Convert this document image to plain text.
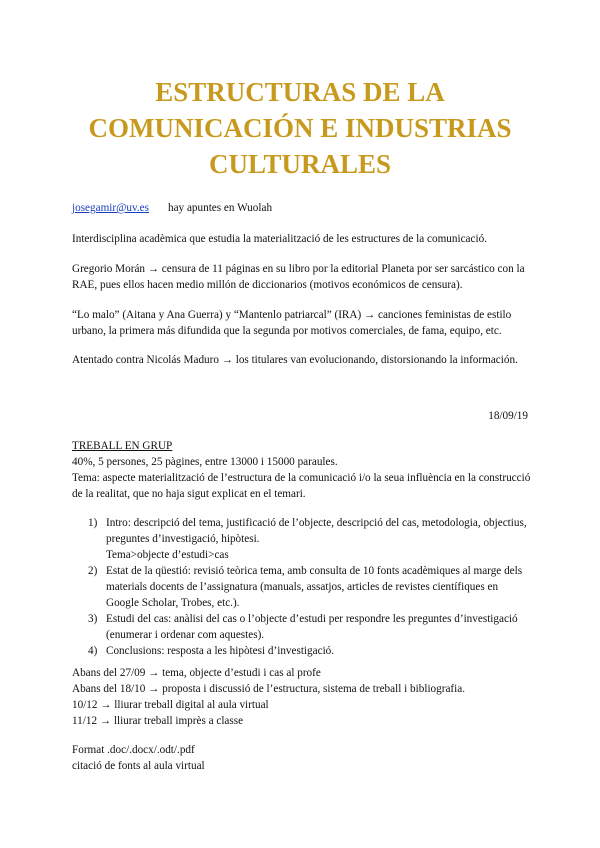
ESTRUCTURAS DE LA
COMUNICACIÓN E INDUSTRIAS
CULTURALES
josegamir@uv.es hay apuntes en Wuolah
Interdisciplina acadèmica que estudia la materialització de les estructures de la comunicació.
Gregorio Morán → censura de 11 páginas en su libro por la editorial Planeta por ser sarcástico con la
RAE, pues ellos hacen medio millón de diccionarios (motivos económicos de censura).
“Lo malo” (Aitana y Ana Guerra) y “Mantenlo patriarcal” (IRA) → canciones feministas de estilo
urbano, la primera más difundida que la segunda por motivos comerciales, de fama, equipo, etc.
Atentado contra Nicolás Maduro → los titulares van evolucionando, distorsionando la información.
18/09/19
TREBALL EN GRUP
40%, 5 persones, 25 pàgines, entre 13000 i 15000 paraules.
Tema: aspecte materialització de l’estructura de la comunicació i/o la seua influència en la construcció
de la realitat, que no haja sigut explicat en el temari.
1) Intro: descripció del tema, justificació de l’objecte, descripció del cas, metodologia, objectius,
preguntes d’investigació, hipòtesi.
Tema>objecte d’estudi>cas
2) Estat de la qüestió: revisió teòrica tema, amb consulta de 10 fonts acadèmiques al marge dels
materials docents de l’assignatura (manuals, assatjos, articles de revistes científiques en
Google Scholar, Trobes, etc.).
3) Estudi del cas: anàlisi del cas o l’objecte d’estudi per respondre les preguntes d’investigació
(enumerar i ordenar com aquestes).
4) Conclusions: resposta a les hipòtesi d’investigació.
Abans del 27/09 → tema, objecte d’estudi i cas al profe
Abans del 18/10 → proposta i discussió de l’estructura, sistema de treball i bibliografia.
10/12 → lliurar treball digital al aula virtual
11/12 → lliurar treball imprès a classe
Format .doc/.docx/.odt/.pdf
citació de fonts al aula virtual
